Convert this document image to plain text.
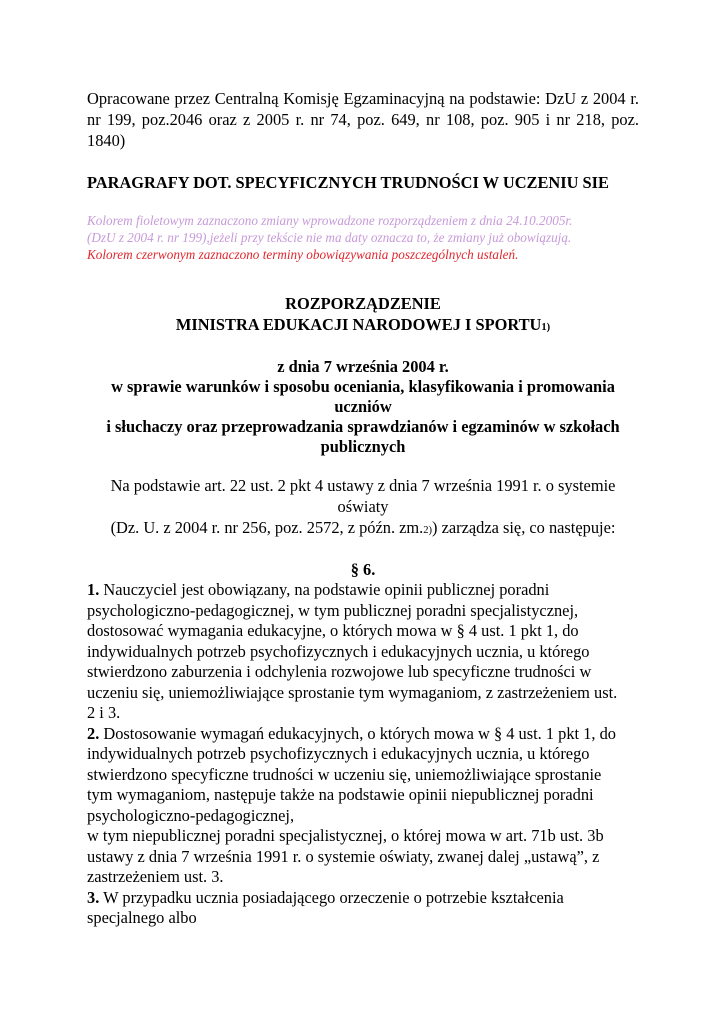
Opracowane przez Centralną Komisję Egzaminacyjną na podstawie: DzU z 2004 r. nr 199, poz.2046 oraz z 2005 r. nr 74, poz. 649, nr 108, poz. 905 i nr 218, poz. 1840)

PARAGRAFY DOT. SPECYFICZNYCH TRUDNOŚCI W UCZENIU SIE
Kolorem fioletowym zaznaczono zmiany wprowadzone rozporządzeniem z dnia 24.10.2005r.
(DzU z 2004 r. nr 199),jeżeli przy tekście nie ma daty oznacza to, że zmiany już obowiązują.
Kolorem czerwonym zaznaczono terminy obowiązywania poszczególnych ustaleń.
ROZPORZĄDZENIE
MINISTRA EDUKACJI NARODOWEJ I SPORTU1)
z dnia 7 września 2004 r.
w sprawie warunków i sposobu oceniania, klasyfikowania i promowania
uczniów
i słuchaczy oraz przeprowadzania sprawdzianów i egzaminów w szkołach
publicznych
Na podstawie art. 22 ust. 2 pkt 4 ustawy z dnia 7 września 1991 r. o systemie
oświaty
(Dz. U. z 2004 r. nr 256, poz. 2572, z późn. zm.2)) zarządza się, co następuje:
§ 6.
1. Nauczyciel jest obowiązany, na podstawie opinii publicznej poradni
psychologiczno-pedagogicznej, w tym publicznej poradni specjalistycznej,
dostosować wymagania edukacyjne, o których mowa w § 4 ust. 1 pkt 1, do
indywidualnych potrzeb psychofizycznych i edukacyjnych ucznia, u którego
stwierdzono zaburzenia i odchylenia rozwojowe lub specyficzne trudności w
uczeniu się, uniemożliwiające sprostanie tym wymaganiom, z zastrzeżeniem ust.
2 i 3.
2. Dostosowanie wymagań edukacyjnych, o których mowa w § 4 ust. 1 pkt 1, do
indywidualnych potrzeb psychofizycznych i edukacyjnych ucznia, u którego
stwierdzono specyficzne trudności w uczeniu się, uniemożliwiające sprostanie
tym wymaganiom, następuje także na podstawie opinii niepublicznej poradni
psychologiczno-pedagogicznej,
w tym niepublicznej poradni specjalistycznej, o której mowa w art. 71b ust. 3b
ustawy z dnia 7 września 1991 r. o systemie oświaty, zwanej dalej „ustawą”, z
zastrzeżeniem ust. 3.
3. W przypadku ucznia posiadającego orzeczenie o potrzebie kształcenia
specjalnego albo
